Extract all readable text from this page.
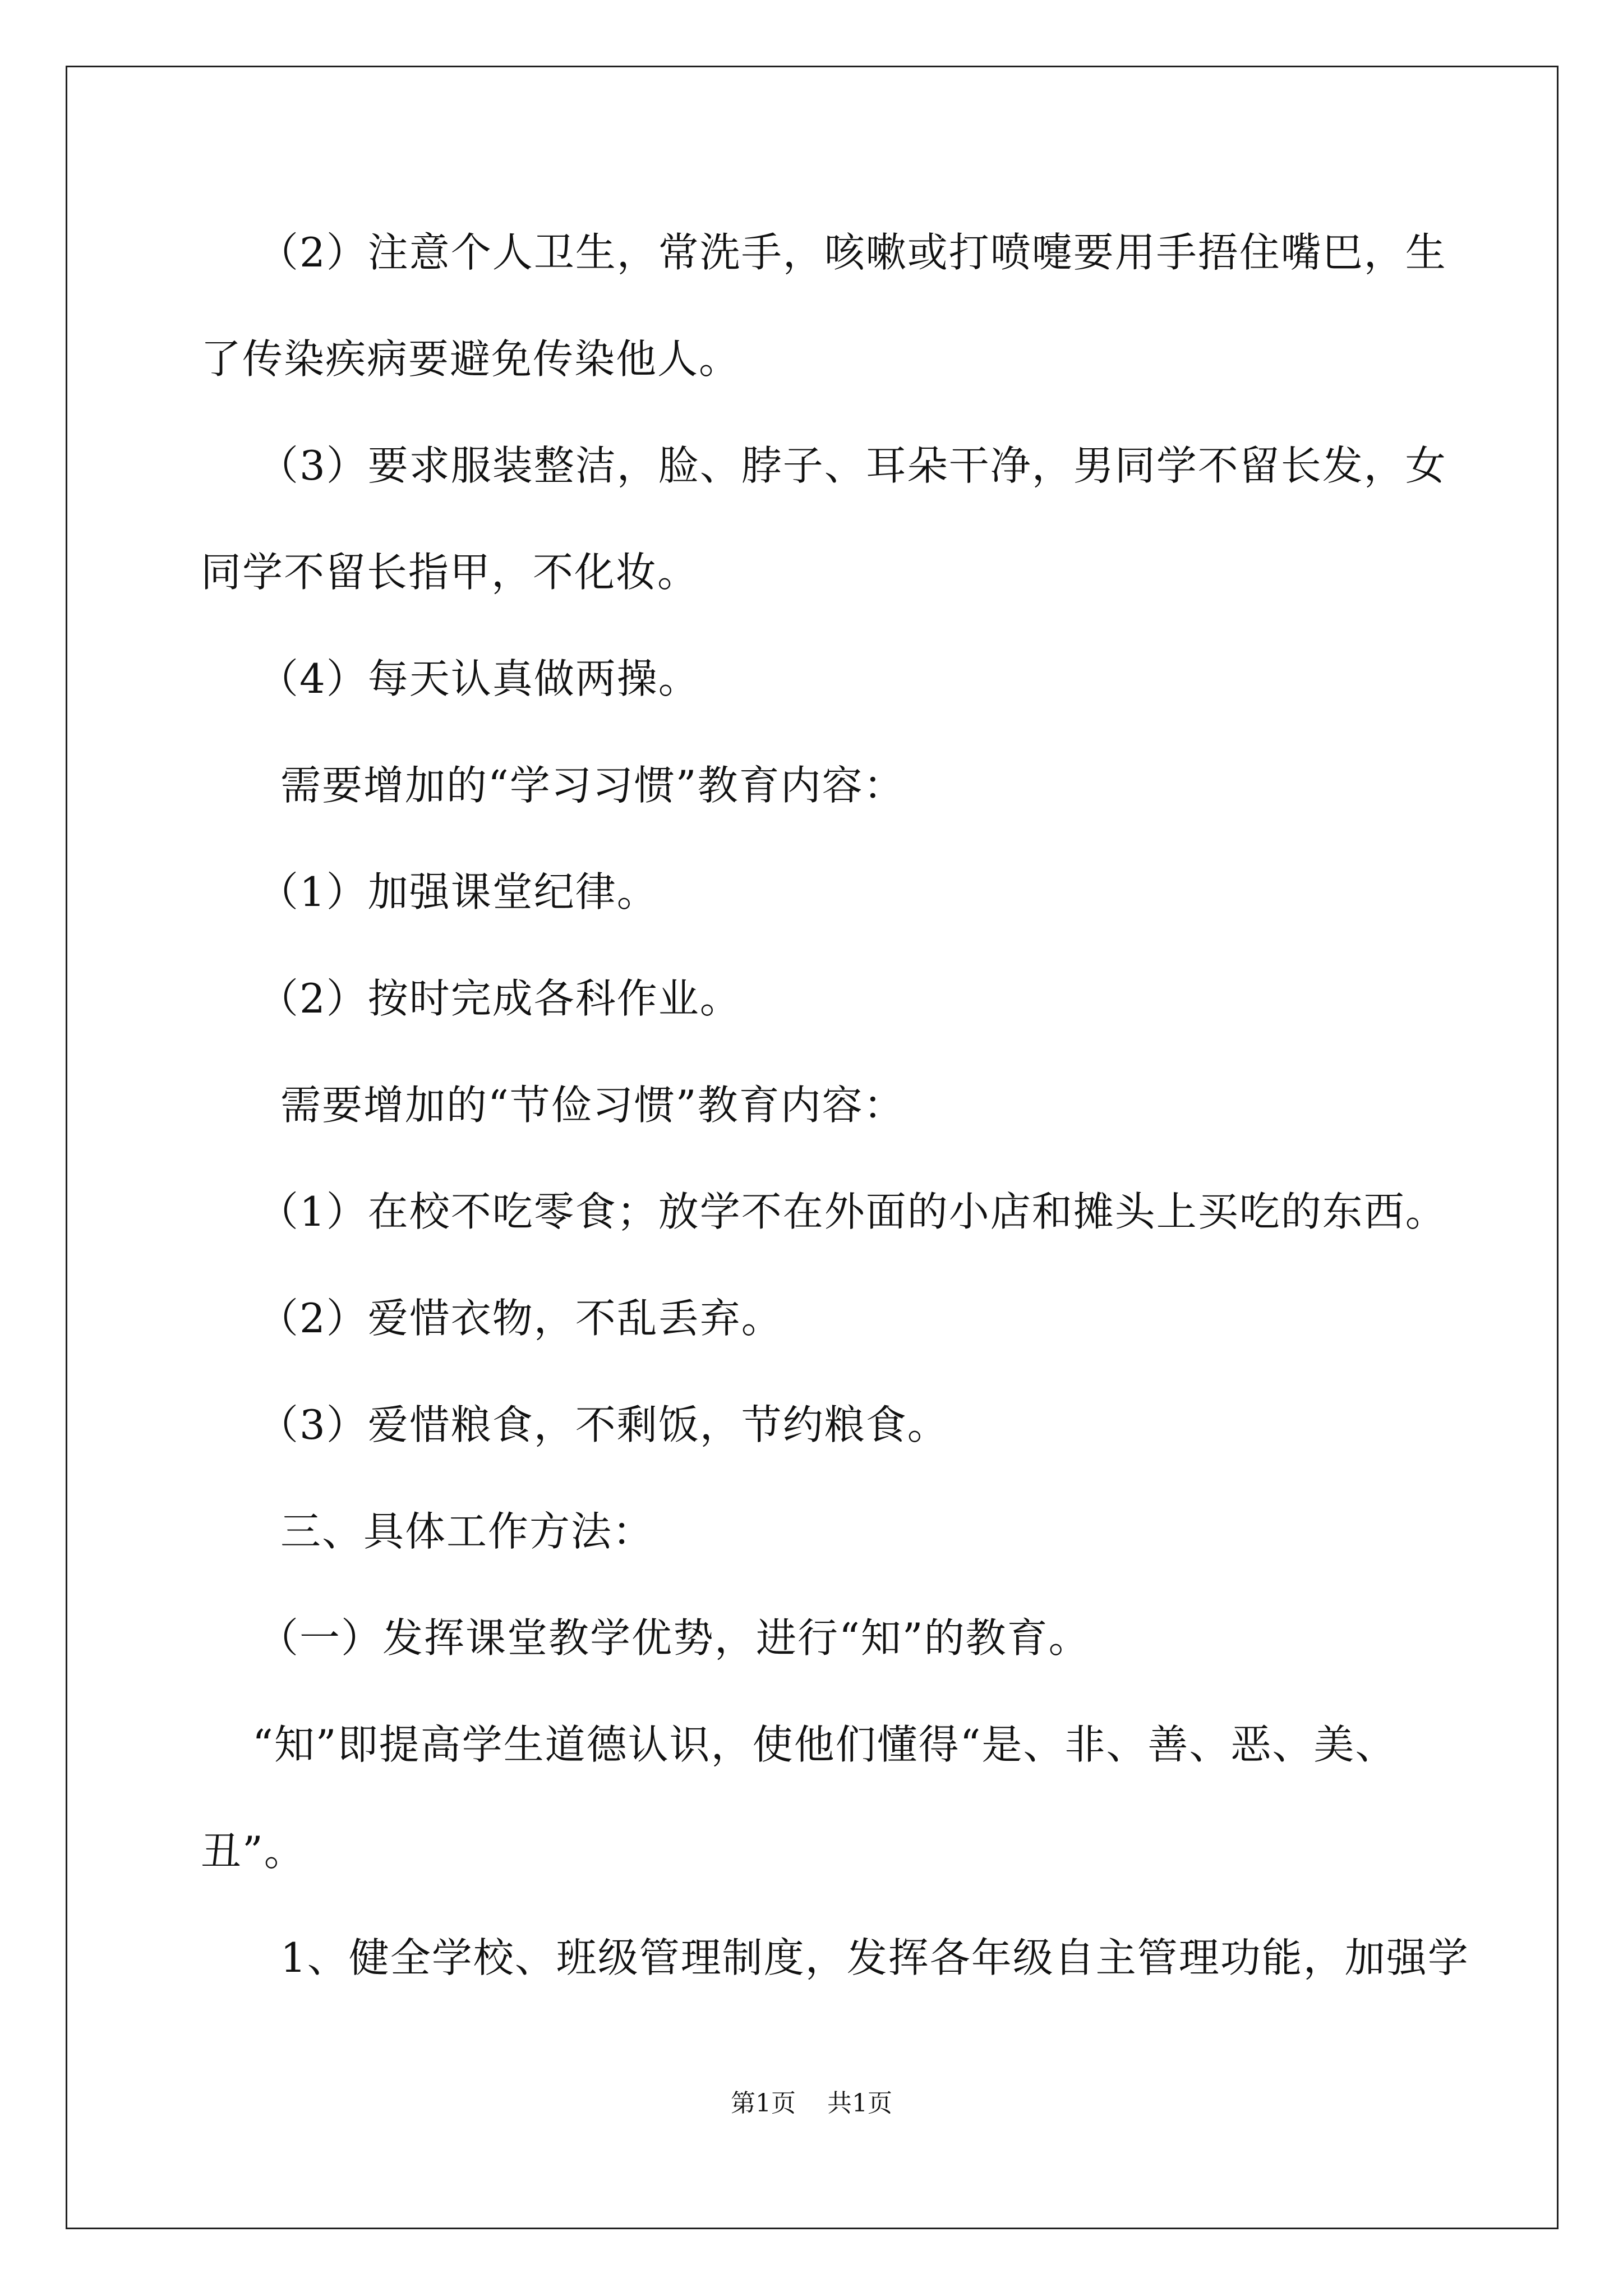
（2）注意个人卫生，常洗手，咳嗽或打喷嚏要用手捂住嘴巴，生
了传染疾病要避免传染他人。
（3）要求服装整洁，脸、脖子、耳朵干净，男同学不留长发，女
同学不留长指甲，不化妆。
（4）每天认真做两操。
需要增加的“学习习惯”教育内容：
（1）加强课堂纪律。
（2）按时完成各科作业。
需要增加的“节俭习惯”教育内容：
（1）在校不吃零食；放学不在外面的小店和摊头上买吃的东西。
（2）爱惜衣物，不乱丢弃。
（3）爱惜粮食，不剩饭，节约粮食。
三、具体工作方法：
（一）发挥课堂教学优势，进行“知”的教育。
“知”即提高学生道德认识，使他们懂得“是、非、善、恶、美、
丑”。
1、健全学校、班级管理制度，发挥各年级自主管理功能，加强学
第1页 共1页
